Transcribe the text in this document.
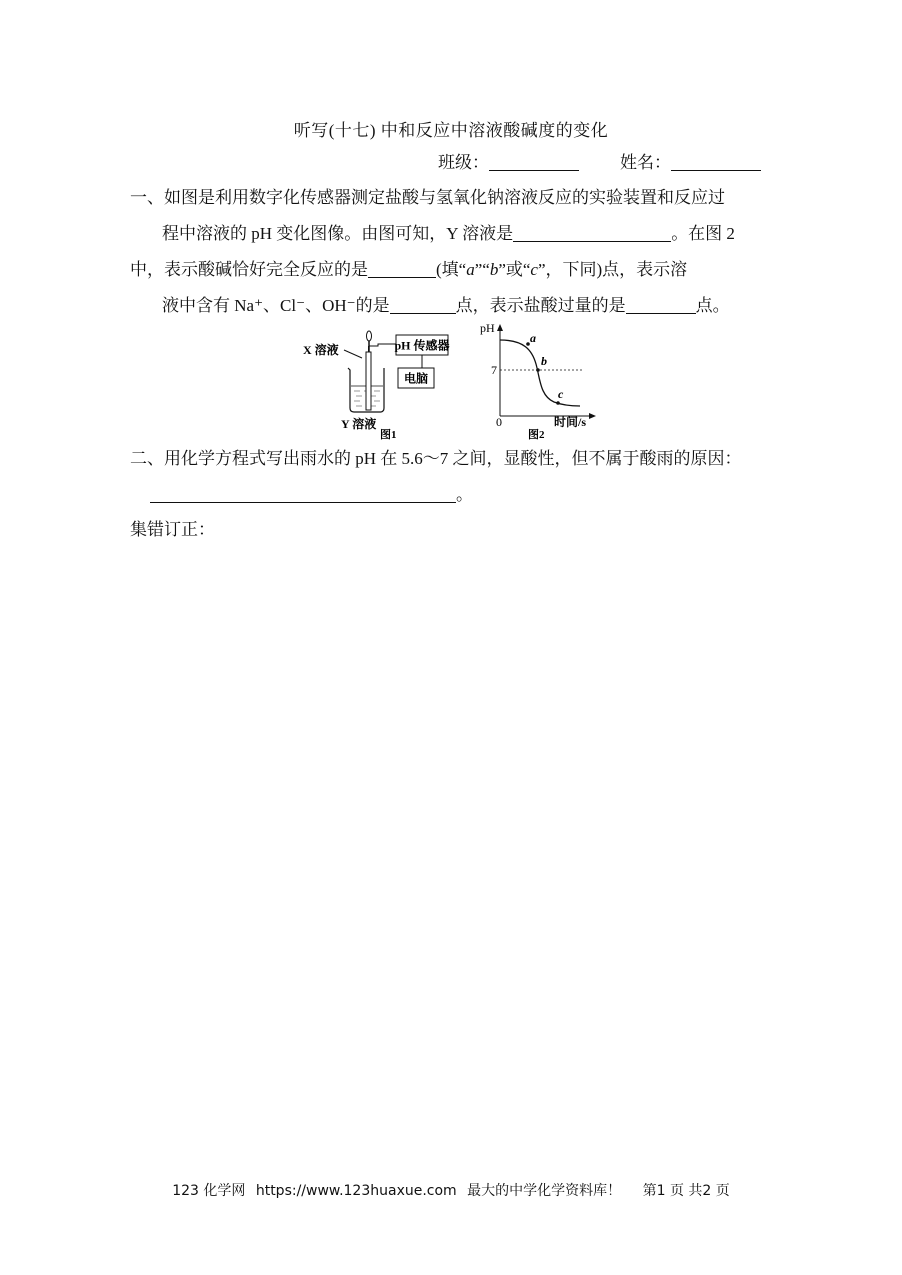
听写(十七) 中和反应中溶液酸碱度的变化
班级：	姓名：
一、如图是利用数字化传感器测定盐酸与氢氧化钠溶液反应的实验装置和反应过
程中溶液的 pH 变化图像。由图可知，Y 溶液是	。在图 2
中，表示酸碱恰好完全反应的是	(填“a”“b”或“c”，下同)点，表示溶
液中含有 Na⁺、Cl⁻、OH⁻的是	点，表示盐酸过量的是	点。
X 溶液	pH 传感器
电脑
Y 溶液
图1
pH
7
a
b
c
0	时间/s
图2
二、用化学方程式写出雨水的 pH 在 5.6～7 之间，显酸性，但不属于酸雨的原因：
。
集错订正：
123 化学网 https://www.123huaxue.com 最大的中学化学资料库！ 第1 页 共2 页
